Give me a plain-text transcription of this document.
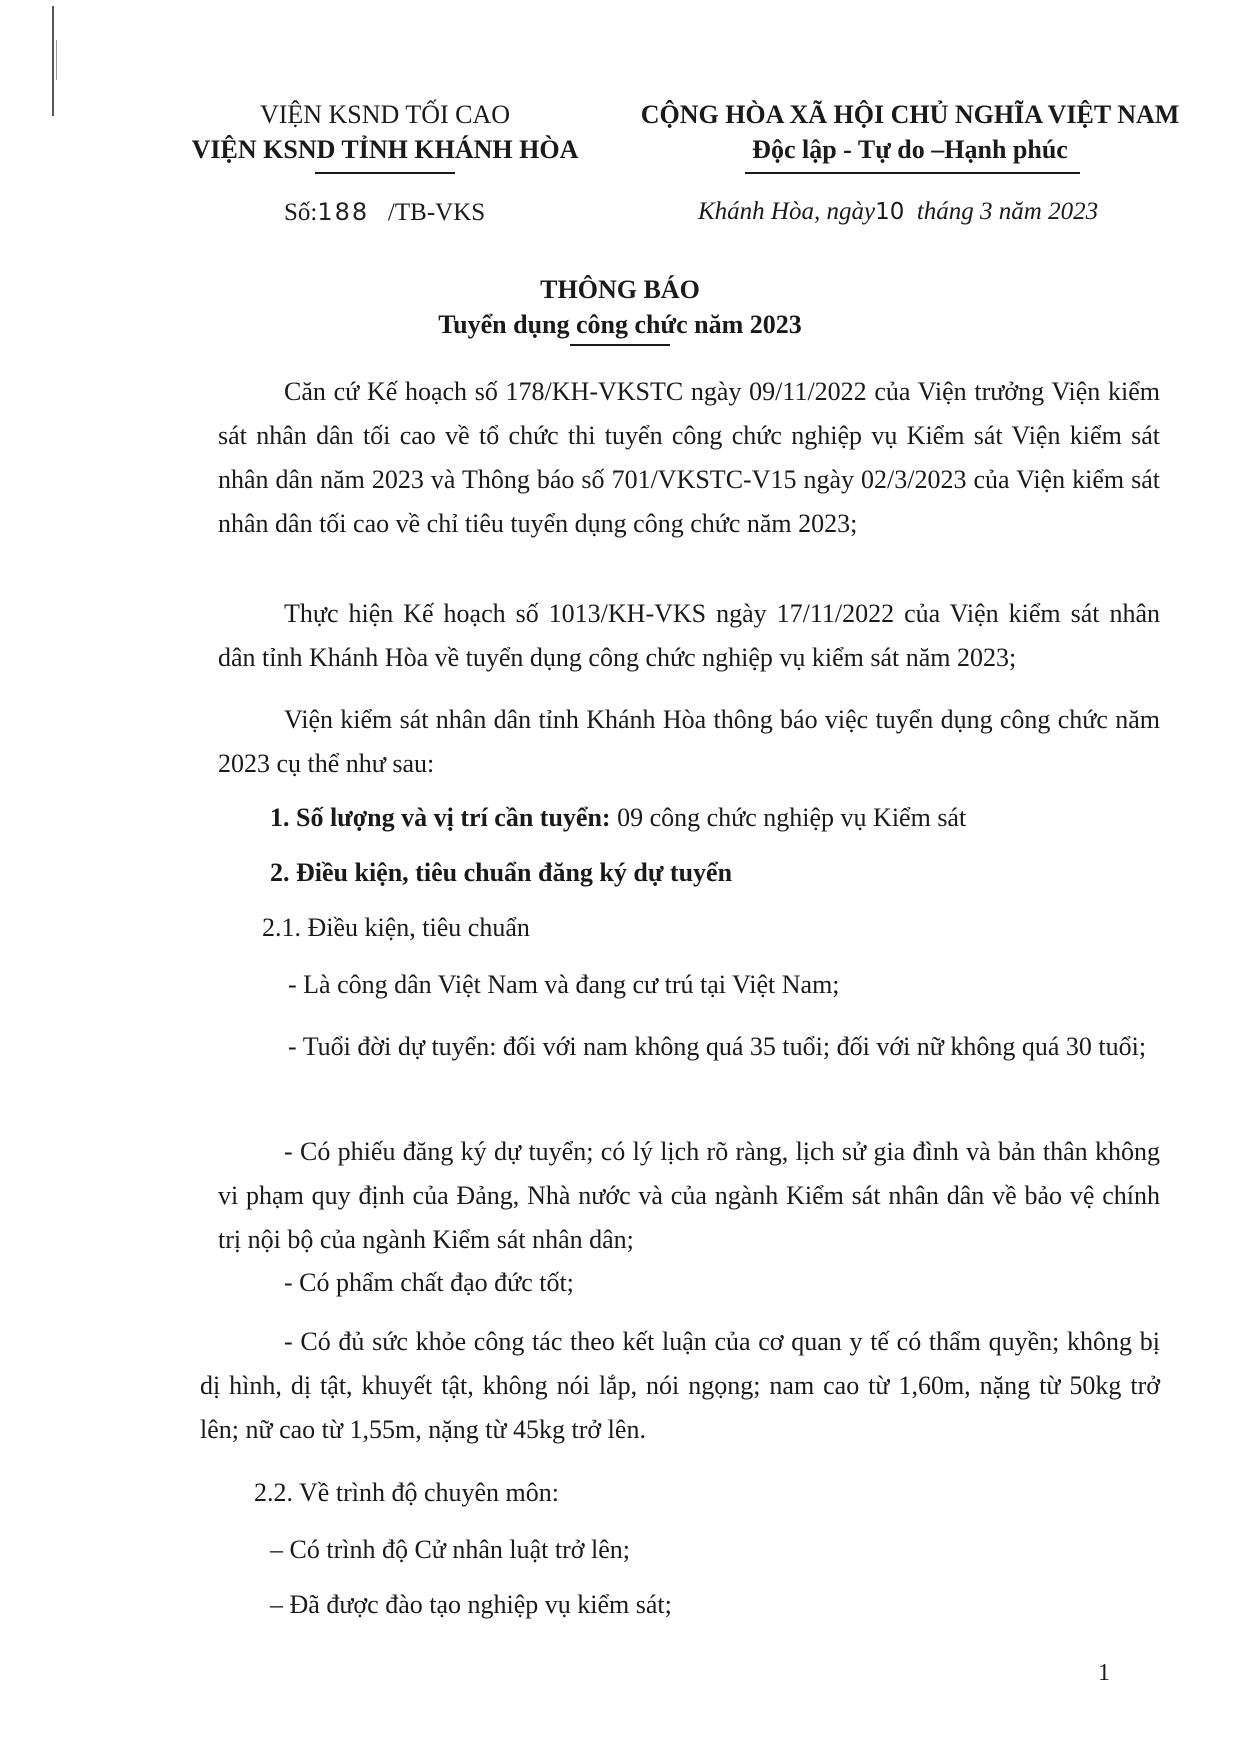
VIỆN KSND TỐI CAO
VIỆN KSND TỈNH KHÁNH HÒA
CỘNG HÒA XÃ HỘI CHỦ NGHĨA VIỆT NAM
Độc lập - Tự do –Hạnh phúc
Số:188 /TB-VKS	Khánh Hòa, ngày10 tháng 3 năm 2023
THÔNG BÁO
Tuyển dụng công chức năm 2023
Căn cứ Kế hoạch số 178/KH-VKSTC ngày 09/11/2022 của Viện trưởng Viện kiểm sát nhân dân tối cao về tổ chức thi tuyển công chức nghiệp vụ Kiểm sát Viện kiểm sát nhân dân năm 2023 và Thông báo số 701/VKSTC-V15 ngày 02/3/2023 của Viện kiểm sát nhân dân tối cao về chỉ tiêu tuyển dụng công chức năm 2023;
Thực hiện Kế hoạch số 1013/KH-VKS ngày 17/11/2022 của Viện kiểm sát nhân dân tỉnh Khánh Hòa về tuyển dụng công chức nghiệp vụ kiểm sát năm 2023;
Viện kiểm sát nhân dân tỉnh Khánh Hòa thông báo việc tuyển dụng công chức năm 2023 cụ thể như sau:
1. Số lượng và vị trí cần tuyển: 09 công chức nghiệp vụ Kiểm sát
2. Điều kiện, tiêu chuẩn đăng ký dự tuyển
2.1. Điều kiện, tiêu chuẩn
- Là công dân Việt Nam và đang cư trú tại Việt Nam;
- Tuổi đời dự tuyển: đối với nam không quá 35 tuổi; đối với nữ không quá 30 tuổi;
- Có phiếu đăng ký dự tuyển; có lý lịch rõ ràng, lịch sử gia đình và bản thân không vi phạm quy định của Đảng, Nhà nước và của ngành Kiểm sát nhân dân về bảo vệ chính trị nội bộ của ngành Kiểm sát nhân dân;
- Có phẩm chất đạo đức tốt;
- Có đủ sức khỏe công tác theo kết luận của cơ quan y tế có thẩm quyền; không bị dị hình, dị tật, khuyết tật, không nói lắp, nói ngọng; nam cao từ 1,60m, nặng từ 50kg trở lên; nữ cao từ 1,55m, nặng từ 45kg trở lên.
2.2. Về trình độ chuyên môn:
– Có trình độ Cử nhân luật trở lên;
– Đã được đào tạo nghiệp vụ kiểm sát;
1
